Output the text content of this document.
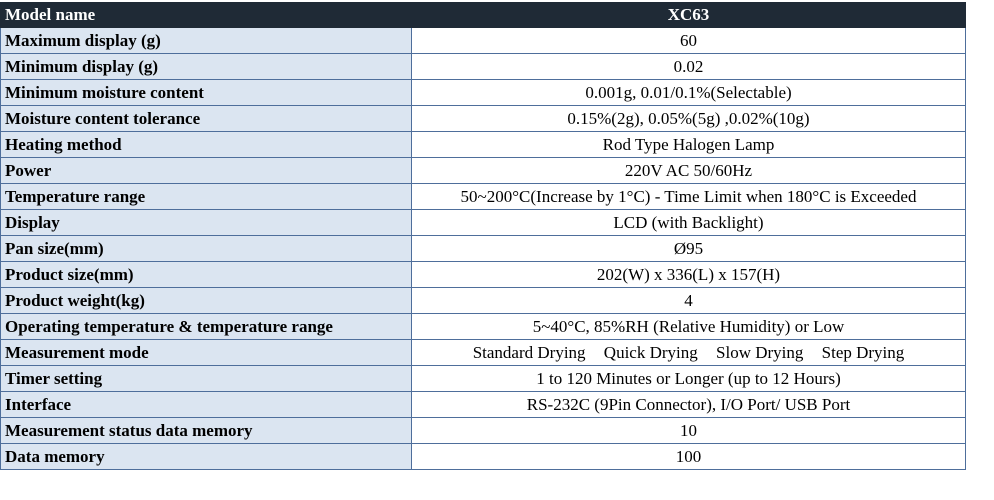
Model name	XC63
Maximum display (g)	60
Minimum display (g)	0.02
Minimum moisture content	0.001g, 0.01/0.1%(Selectable)
Moisture content tolerance	0.15%(2g), 0.05%(5g) ,0.02%(10g)
Heating method	Rod Type Halogen Lamp
Power	220V AC 50/60Hz
Temperature range	50~200°C(Increase by 1°C) - Time Limit when 180°C is Exceeded
Display	LCD (with Backlight)
Pan size(mm)	Ø95
Product size(mm)	202(W) x 336(L) x 157(H)
Product weight(kg)	4
Operating temperature & temperature range	5~40°C, 85%RH (Relative Humidity) or Low
Measurement mode	Standard Drying Quick Drying Slow Drying Step Drying
Timer setting	1 to 120 Minutes or Longer (up to 12 Hours)
Interface	RS-232C (9Pin Connector), I/O Port/ USB Port
Measurement status data memory	10
Data memory	100
